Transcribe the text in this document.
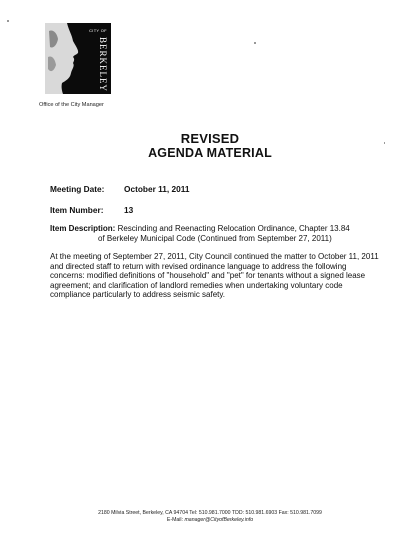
CITY OF
BERKELEY
Office of the City Manager
REVISED
AGENDA MATERIAL
Meeting Date: October 11, 2011
Item Number: 13
Item Description: Rescinding and Reenacting Relocation Ordinance, Chapter 13.84
of Berkeley Municipal Code (Continued from September 27, 2011)
At the meeting of September 27, 2011, City Council continued the matter to October 11, 2011 and directed staff to return with revised ordinance language to address the following concerns: modified definitions of "household" and "pet" for tenants without a signed lease agreement; and clarification of landlord remedies when undertaking voluntary code compliance particularly to address seismic safety.
2180 Milvia Street, Berkeley, CA 94704 Tel: 510.981.7000 TDD: 510.981.6903 Fax: 510.981.7099
E-Mail: manager@CityofBerkeley.info
